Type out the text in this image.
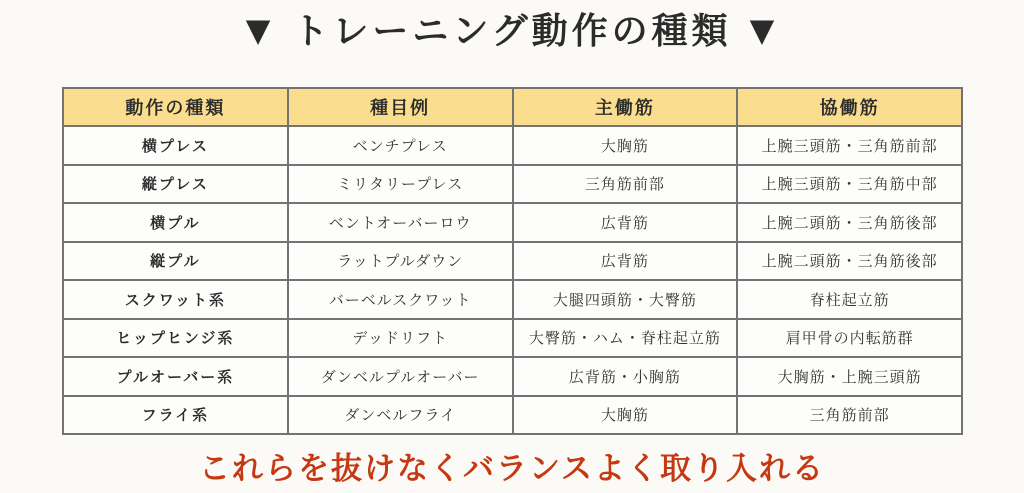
▼ トレーニング動作の種類 ▼
動作の種類	種目例	主働筋	協働筋
横プレス	ベンチプレス	大胸筋	上腕三頭筋・三角筋前部
縦プレス	ミリタリープレス	三角筋前部	上腕三頭筋・三角筋中部
横プル	ベントオーバーロウ	広背筋	上腕二頭筋・三角筋後部
縦プル	ラットプルダウン	広背筋	上腕二頭筋・三角筋後部
スクワット系	バーベルスクワット	大腿四頭筋・大臀筋	脊柱起立筋
ヒップヒンジ系	デッドリフト	大臀筋・ハム・脊柱起立筋	肩甲骨の内転筋群
プルオーバー系	ダンベルプルオーバー	広背筋・小胸筋	大胸筋・上腕三頭筋
フライ系	ダンベルフライ	大胸筋	三角筋前部
これらを抜けなくバランスよく取り入れる
